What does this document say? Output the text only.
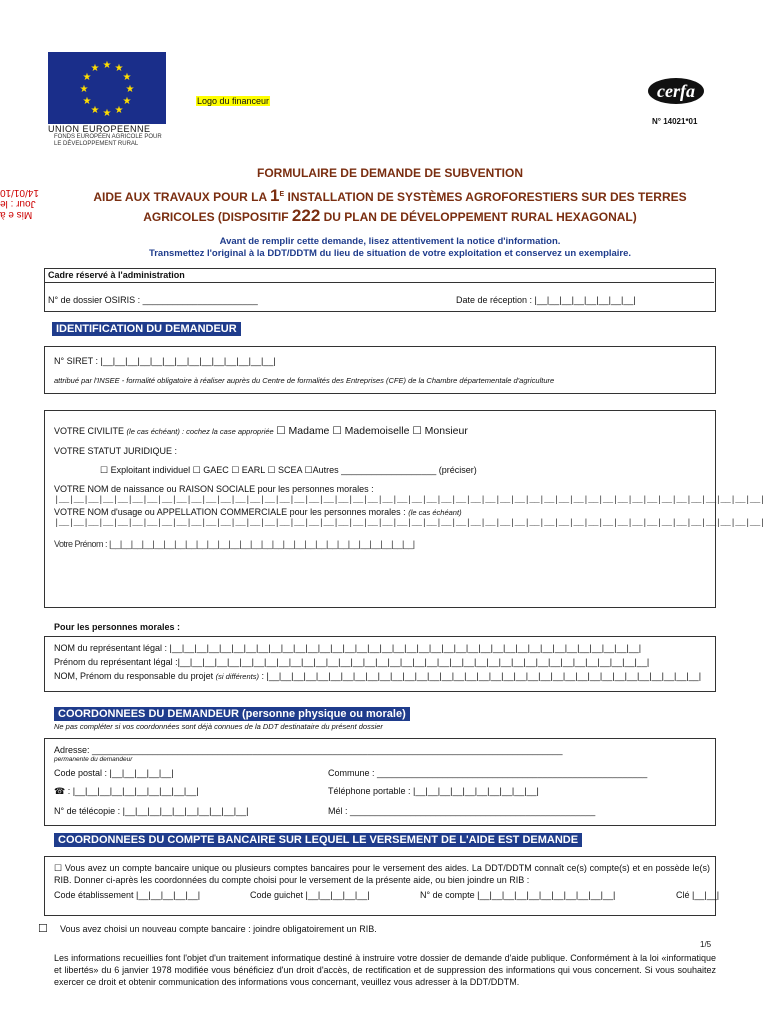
★ ★
★
★
★
★
★
★
★
★
★
★
UNION EUROPEENNE
FONDS EUROPÉEN AGRICOLE POUR LE DÉVELOPPEMENT RURAL
Logo du financeur	cerfa
N° 14021*01
Mis e à Jour : le 14/01/10
FORMULAIRE DE DEMANDE DE SUBVENTION
AIDE AUX TRAVAUX POUR LA $1^E$ INSTALLATION DE SYSTÈMES AGROFORESTIERS SUR DES TERRES
AGRICOLES (DISPOSITIF 222 DU PLAN DE DÉVELOPPEMENT RURAL HEXAGONAL)
Avant de remplir cette demande, lisez attentivement la notice d'information.
Transmettez l'original à la DDT/DDTM du lieu de situation de votre exploitation et conservez un exemplaire.
Cadre réservé à l'administration
N° de dossier OSIRIS : _______________________	Date de réception : |__|__|__|__|__|__|__|__|
IDENTIFICATION DU DEMANDEUR
N° SIRET : |__|__|__|__|__|__|__|__|__|__|__|__|__|__|
attribué par l'INSEE - formalité obligatoire à réaliser auprès du Centre de formalités des Entreprises (CFE) de la Chambre départementale d'agriculture
VOTRE CIVILITE (le cas échéant) : cochez la case appropriée ☐ Madame ☐ Mademoiselle ☐ Monsieur
VOTRE STATUT JURIDIQUE :
☐ Exploitant individuel ☐ GAEC ☐ EARL ☐ SCEA ☐Autres ___________________ (préciser)
VOTRE NOM de naissance ou RAISON SOCIALE pour les personnes morales :
|__|__|__|__|__|__|__|__|__|__|__|__|__|__|__|__|__|__|__|__|__|__|__|__|__|__|__|__|__|__|__|__|__|__|__|__|__|__|__|__|__|__|__|__|__|__|__|__|
VOTRE NOM d'usage ou APPELLATION COMMERCIALE pour les personnes morales : (le cas échéant)
|__|__|__|__|__|__|__|__|__|__|__|__|__|__|__|__|__|__|__|__|__|__|__|__|__|__|__|__|__|__|__|__|__|__|__|__|__|__|__|__|__|__|__|__|__|__|__|__|
Votre Prénom : |__|__|__|__|__|__|__|__|__|__|__|__|__|__|__|__|__|__|__|__|__|__|__|__|__|__|__|__|
Pour les personnes morales :
NOM du représentant légal : |__|__|__|__|__|__|__|__|__|__|__|__|__|__|__|__|__|__|__|__|__|__|__|__|__|__|__|__|__|__|__|__|__|__|__|__|__|__|
Prénom du représentant légal :|__|__|__|__|__|__|__|__|__|__|__|__|__|__|__|__|__|__|__|__|__|__|__|__|__|__|__|__|__|__|__|__|__|__|__|__|__|__|
NOM, Prénom du responsable du projet (si différents) : |__|__|__|__|__|__|__|__|__|__|__|__|__|__|__|__|__|__|__|__|__|__|__|__|__|__|__|__|__|__|__|__|__|__|__|
COORDONNEES DU DEMANDEUR (personne physique ou morale)
Ne pas compléter si vos coordonnées sont déjà connues de la DDT destinataire du présent dossier
Adresse: ______________________________________________________________________________________________
permanente du demandeur
Code postal : |__|__|__|__|__|	Commune : ______________________________________________________
☎ : |__|__|__|__|__|__|__|__|__|__|	Téléphone portable : |__|__|__|__|__|__|__|__|__|__|
N° de télécopie : |__|__|__|__|__|__|__|__|__|__|	Mél : _________________________________________________
COORDONNEES DU COMPTE BANCAIRE SUR LEQUEL LE VERSEMENT DE L'AIDE EST DEMANDE
☐ Vous avez un compte bancaire unique ou plusieurs comptes bancaires pour le versement des aides. La DDT/DDTM connaît ce(s) compte(s) et en possède le(s) RIB. Donner ci-après les coordonnées du compte choisi pour le versement de la présente aide, ou bien joindre un RIB :
Code établissement |__|__|__|__|__|	Code guichet |__|__|__|__|__|	N° de compte |__|__|__|__|__|__|__|__|__|__|__|	Clé |__|__|
☐ Vous avez choisi un nouveau compte bancaire : joindre obligatoirement un RIB.
1/5
Les informations recueillies font l'objet d'un traitement informatique destiné à instruire votre dossier de demande d'aide publique. Conformément à la loi «informatique et libertés» du 6 janvier 1978 modifiée vous bénéficiez d'un droit d'accès, de rectification et de suppression des informations qui vous concernent. Si vous souhaitez exercer ce droit et obtenir communication des informations vous concernant, veuillez vous adresser à la DDT/DDTM.
